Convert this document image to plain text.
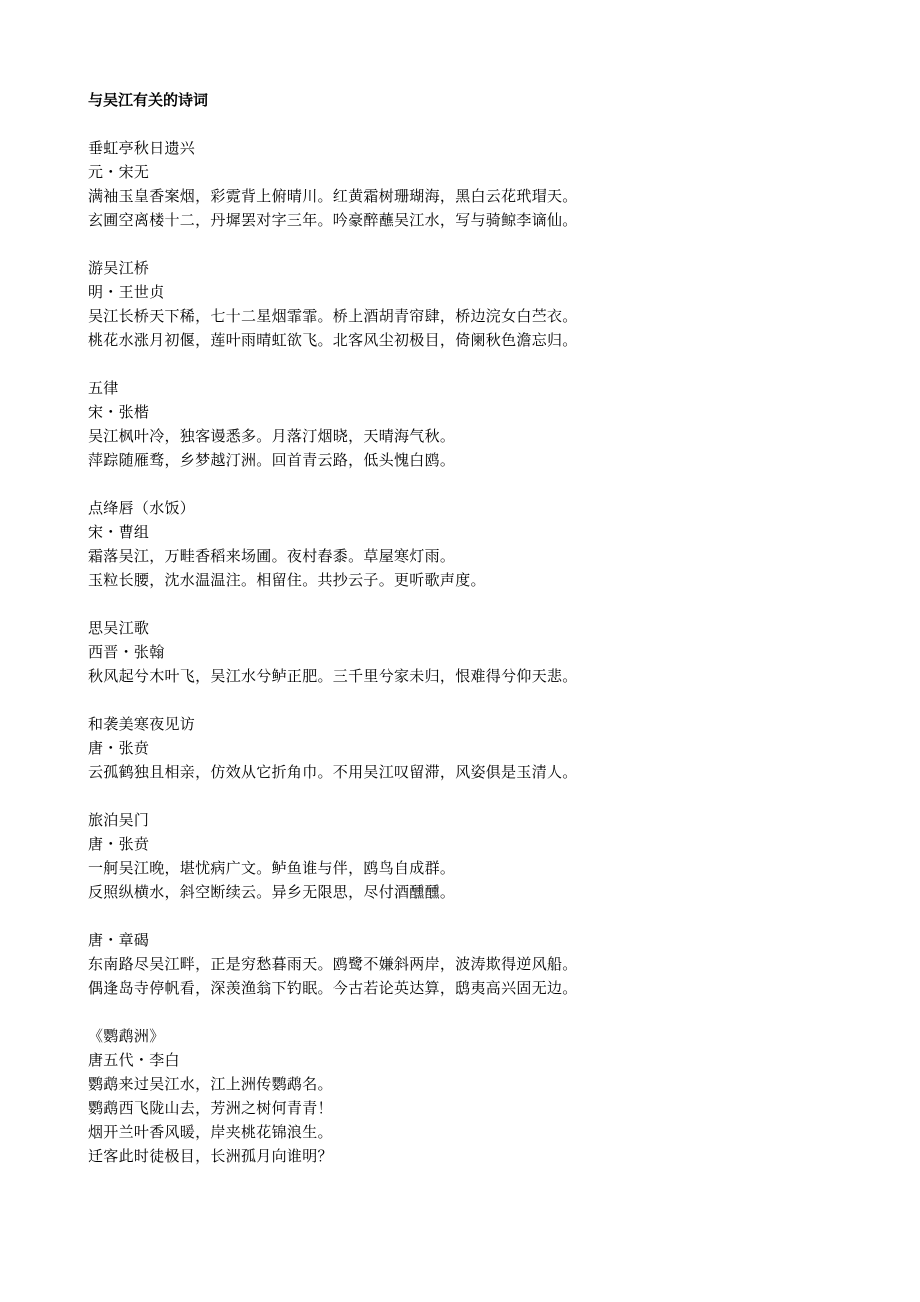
与吴江有关的诗词
垂虹亭秋日遗兴
元・宋无
满袖玉皇香案烟，彩霓背上俯晴川。红黄霜树珊瑚海，黑白云花玳瑁天。
玄圃空离楼十二，丹墀罢对字三年。吟豪醉蘸吴江水，写与骑鲸李谪仙。
游吴江桥
明・王世贞
吴江长桥天下稀，七十二星烟霏霏。桥上酒胡青帘肆，桥边浣女白苎衣。
桃花水涨月初偃，莲叶雨晴虹欲飞。北客风尘初极目，倚阑秋色澹忘归。
五律
宋・张楷
吴江枫叶冷，独客谩悉多。月落汀烟晓，天晴海气秋。
萍踪随雁骛，乡梦越汀洲。回首青云路，低头愧白鸥。
点绛唇（水饭）
宋・曹组
霜落吴江，万畦香稻来场圃。夜村舂黍。草屋寒灯雨。
玉粒长腰，沈水温温注。相留住。共抄云子。更听歌声度。
思吴江歌
西晋・张翰
秋风起兮木叶飞，吴江水兮鲈正肥。三千里兮家未归，恨难得兮仰天悲。
和袭美寒夜见访
唐・张贲
云孤鹤独且相亲，仿效从它折角巾。不用吴江叹留滞，风姿俱是玉清人。
旅泊吴门
唐・张贲
一舸吴江晚，堪忧病广文。鲈鱼谁与伴，鸥鸟自成群。
反照纵横水，斜空断续云。异乡无限思，尽付酒醺醺。
唐・章碣
东南路尽吴江畔，正是穷愁暮雨天。鸥鹭不嫌斜两岸，波涛欺得逆风船。
偶逢岛寺停帆看，深羡渔翁下钓眠。今古若论英达算，鸱夷高兴固无边。
《鹦鹉洲》
唐五代・李白
鹦鹉来过吴江水，江上洲传鹦鹉名。
鹦鹉西飞陇山去，芳洲之树何青青！
烟开兰叶香风暖，岸夹桃花锦浪生。
迁客此时徒极目，长洲孤月向谁明？
